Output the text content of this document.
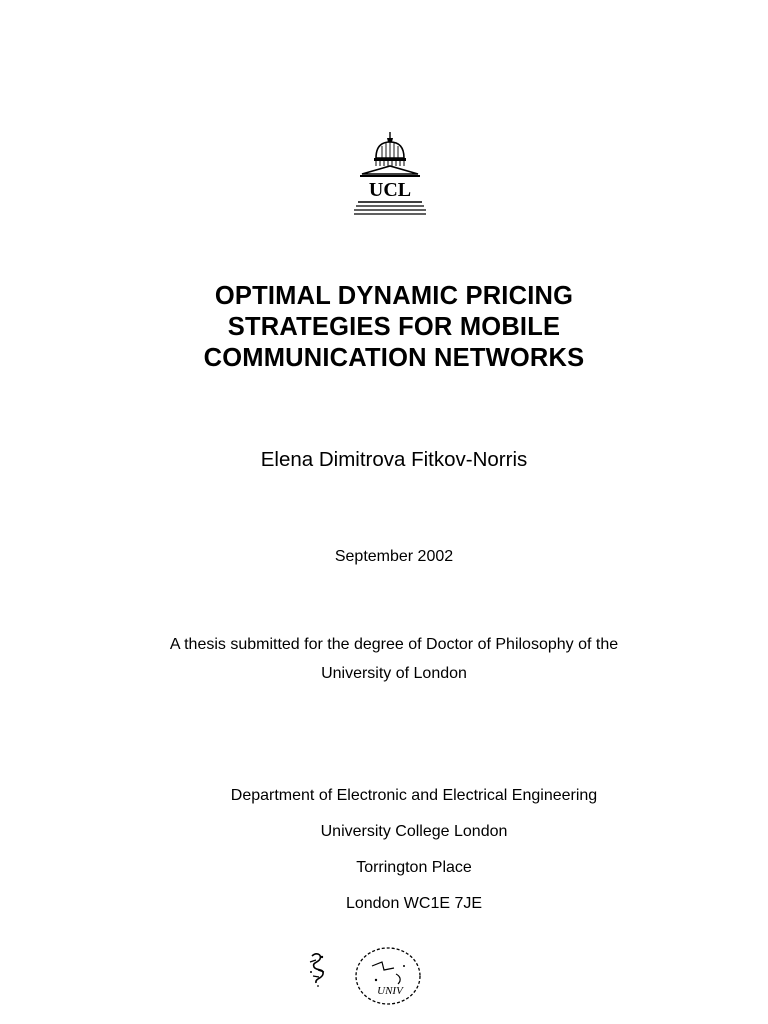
UCL
OPTIMAL DYNAMIC PRICING
STRATEGIES FOR MOBILE
COMMUNICATION NETWORKS
Elena Dimitrova Fitkov-Norris
September 2002
A thesis submitted for the degree of Doctor of Philosophy of the
University of London
Department of Electronic and Electrical Engineering
University College London
Torrington Place
London WC1E 7JE
UNIV
